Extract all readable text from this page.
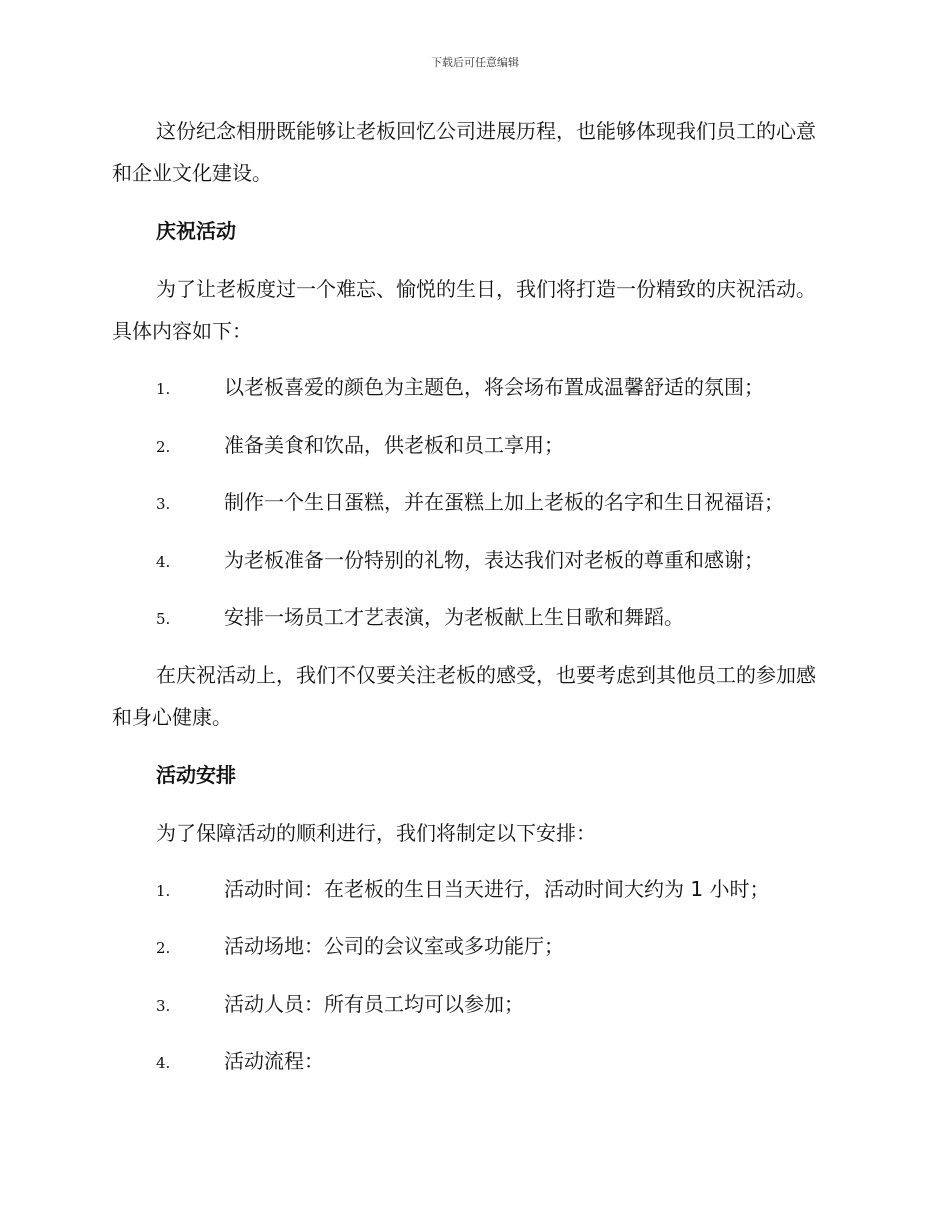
下载后可任意编辑

这份纪念相册既能够让老板回忆公司进展历程，也能够体现我们员工的心意和企业文化建设。

庆祝活动

为了让老板度过一个难忘、愉悦的生日，我们将打造一份精致的庆祝活动。具体内容如下：

1.	以老板喜爱的颜色为主题色，将会场布置成温馨舒适的氛围；
2.	准备美食和饮品，供老板和员工享用；
3.	制作一个生日蛋糕，并在蛋糕上加上老板的名字和生日祝福语；
4.	为老板准备一份特别的礼物，表达我们对老板的尊重和感谢；
5.	安排一场员工才艺表演，为老板献上生日歌和舞蹈。

在庆祝活动上，我们不仅要关注老板的感受，也要考虑到其他员工的参加感和身心健康。

活动安排

为了保障活动的顺利进行，我们将制定以下安排：

1.	活动时间：在老板的生日当天进行，活动时间大约为 1 小时；
2.	活动场地：公司的会议室或多功能厅；
3.	活动人员：所有员工均可以参加；
4.	活动流程：
